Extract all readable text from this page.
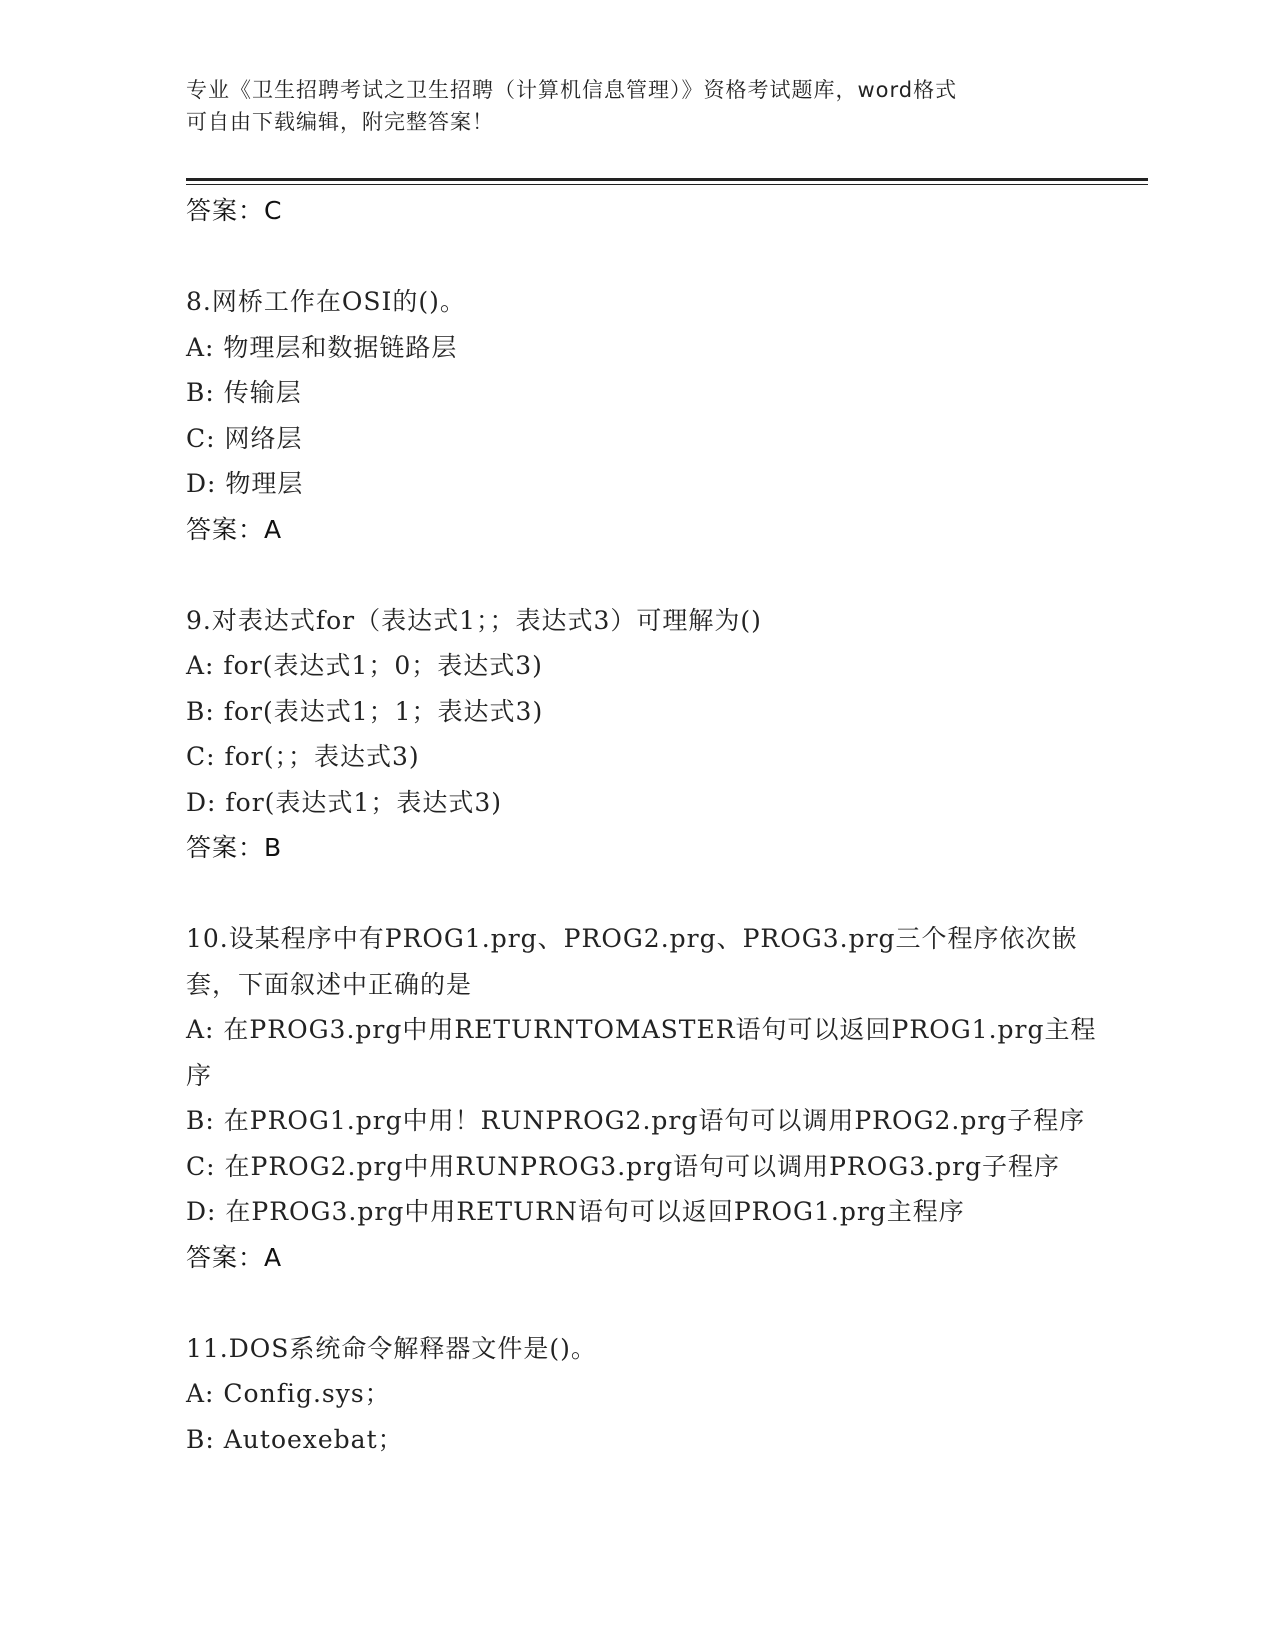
专业《卫生招聘考试之卫生招聘（计算机信息管理）》资格考试题库，word格式
可自由下载编辑，附完整答案！
答案：C
8.网桥工作在OSI的()。
A: 物理层和数据链路层
B: 传输层
C: 网络层
D: 物理层
答案：A
9.对表达式for（表达式1；；表达式3）可理解为()
A: for(表达式1；0；表达式3)
B: for(表达式1；1；表达式3)
C: for(；；表达式3)
D: for(表达式1；表达式3)
答案：B
10.设某程序中有PROG1.prg、PROG2.prg、PROG3.prg三个程序依次嵌
套，下面叙述中正确的是
A: 在PROG3.prg中用RETURNTOMASTER语句可以返回PROG1.prg主程
序
B: 在PROG1.prg中用！RUNPROG2.prg语句可以调用PROG2.prg子程序
C: 在PROG2.prg中用RUNPROG3.prg语句可以调用PROG3.prg子程序
D: 在PROG3.prg中用RETURN语句可以返回PROG1.prg主程序
答案：A
11.DOS系统命令解释器文件是()。
A: Config.sys；
B: Autoexebat；
